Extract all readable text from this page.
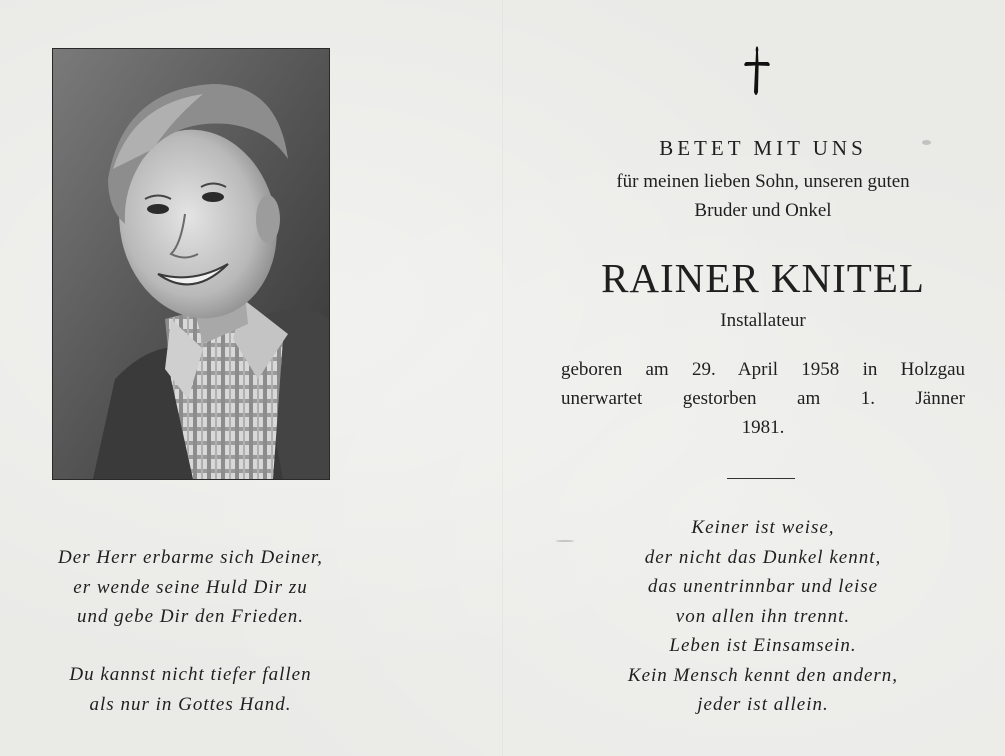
BETET MIT UNS
für meinen lieben Sohn, unseren guten
Bruder und Onkel
RAINER KNITEL
Installateur
geboren am 29. April 1958 in Holzgau
unerwartet gestorben am 1. Jänner
1981.
Keiner ist weise,
der nicht das Dunkel kennt,
das unentrinnbar und leise
von allen ihn trennt.
Leben ist Einsamsein.
Kein Mensch kennt den andern,
jeder ist allein.
Der Herr erbarme sich Deiner,
er wende seine Huld Dir zu
und gebe Dir den Frieden.
Du kannst nicht tiefer fallen
als nur in Gottes Hand.
